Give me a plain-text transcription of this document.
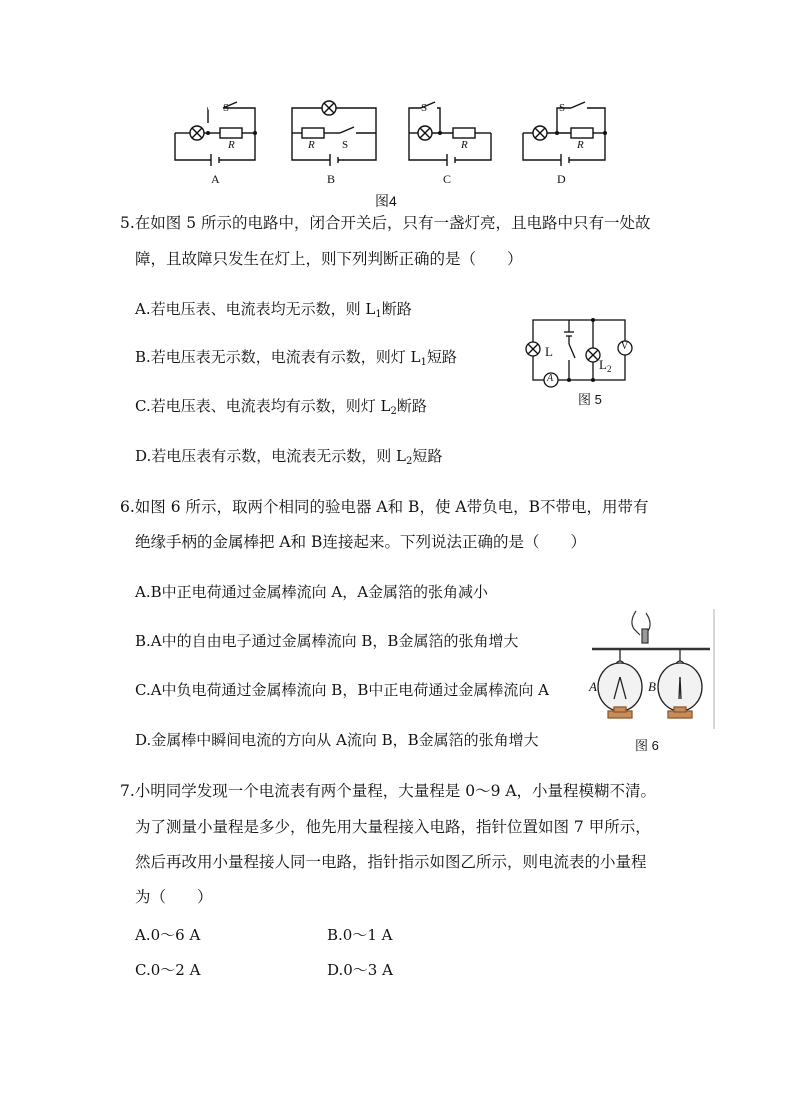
S
R
A
R S
B
S
R
C
S
R
D
图4
5.在如图 5 所示的电路中，闭合开关后，只有一盏灯亮，且电路中只有一处故
障，且故障只发生在灯上，则下列判断正确的是（　　）
A.若电压表、电流表均无示数，则 $L_1$断路
B.若电压表无示数，电流表有示数，则灯 $L_1$短路
C.若电压表、电流表均有示数，则灯 $L_2$断路
D.若电压表有示数，电流表无示数，则 $L_2$短路
L
$L_2$
V
A
图 5
6.如图 6 所示，取两个相同的验电器 A和 B，使 A带负电，B不带电，用带有
绝缘手柄的金属棒把 A和 B连接起来。下列说法正确的是（　　）
A.B中正电荷通过金属棒流向 A，A金属箔的张角减小
B.A中的自由电子通过金属棒流向 B，B金属箔的张角增大
C.A中负电荷通过金属棒流向 B，B中正电荷通过金属棒流向 A
D.金属棒中瞬间电流的方向从 A流向 B，B金属箔的张角增大
A	B
图 6
7.小明同学发现一个电流表有两个量程，大量程是 0～9 A，小量程模糊不清。
为了测量小量程是多少，他先用大量程接入电路，指针位置如图 7 甲所示，
然后再改用小量程接人同一电路，指针指示如图乙所示，则电流表的小量程
为（　　）
A.0～6 A	B.0～1 A
C.0～2 A	D.0～3 A
